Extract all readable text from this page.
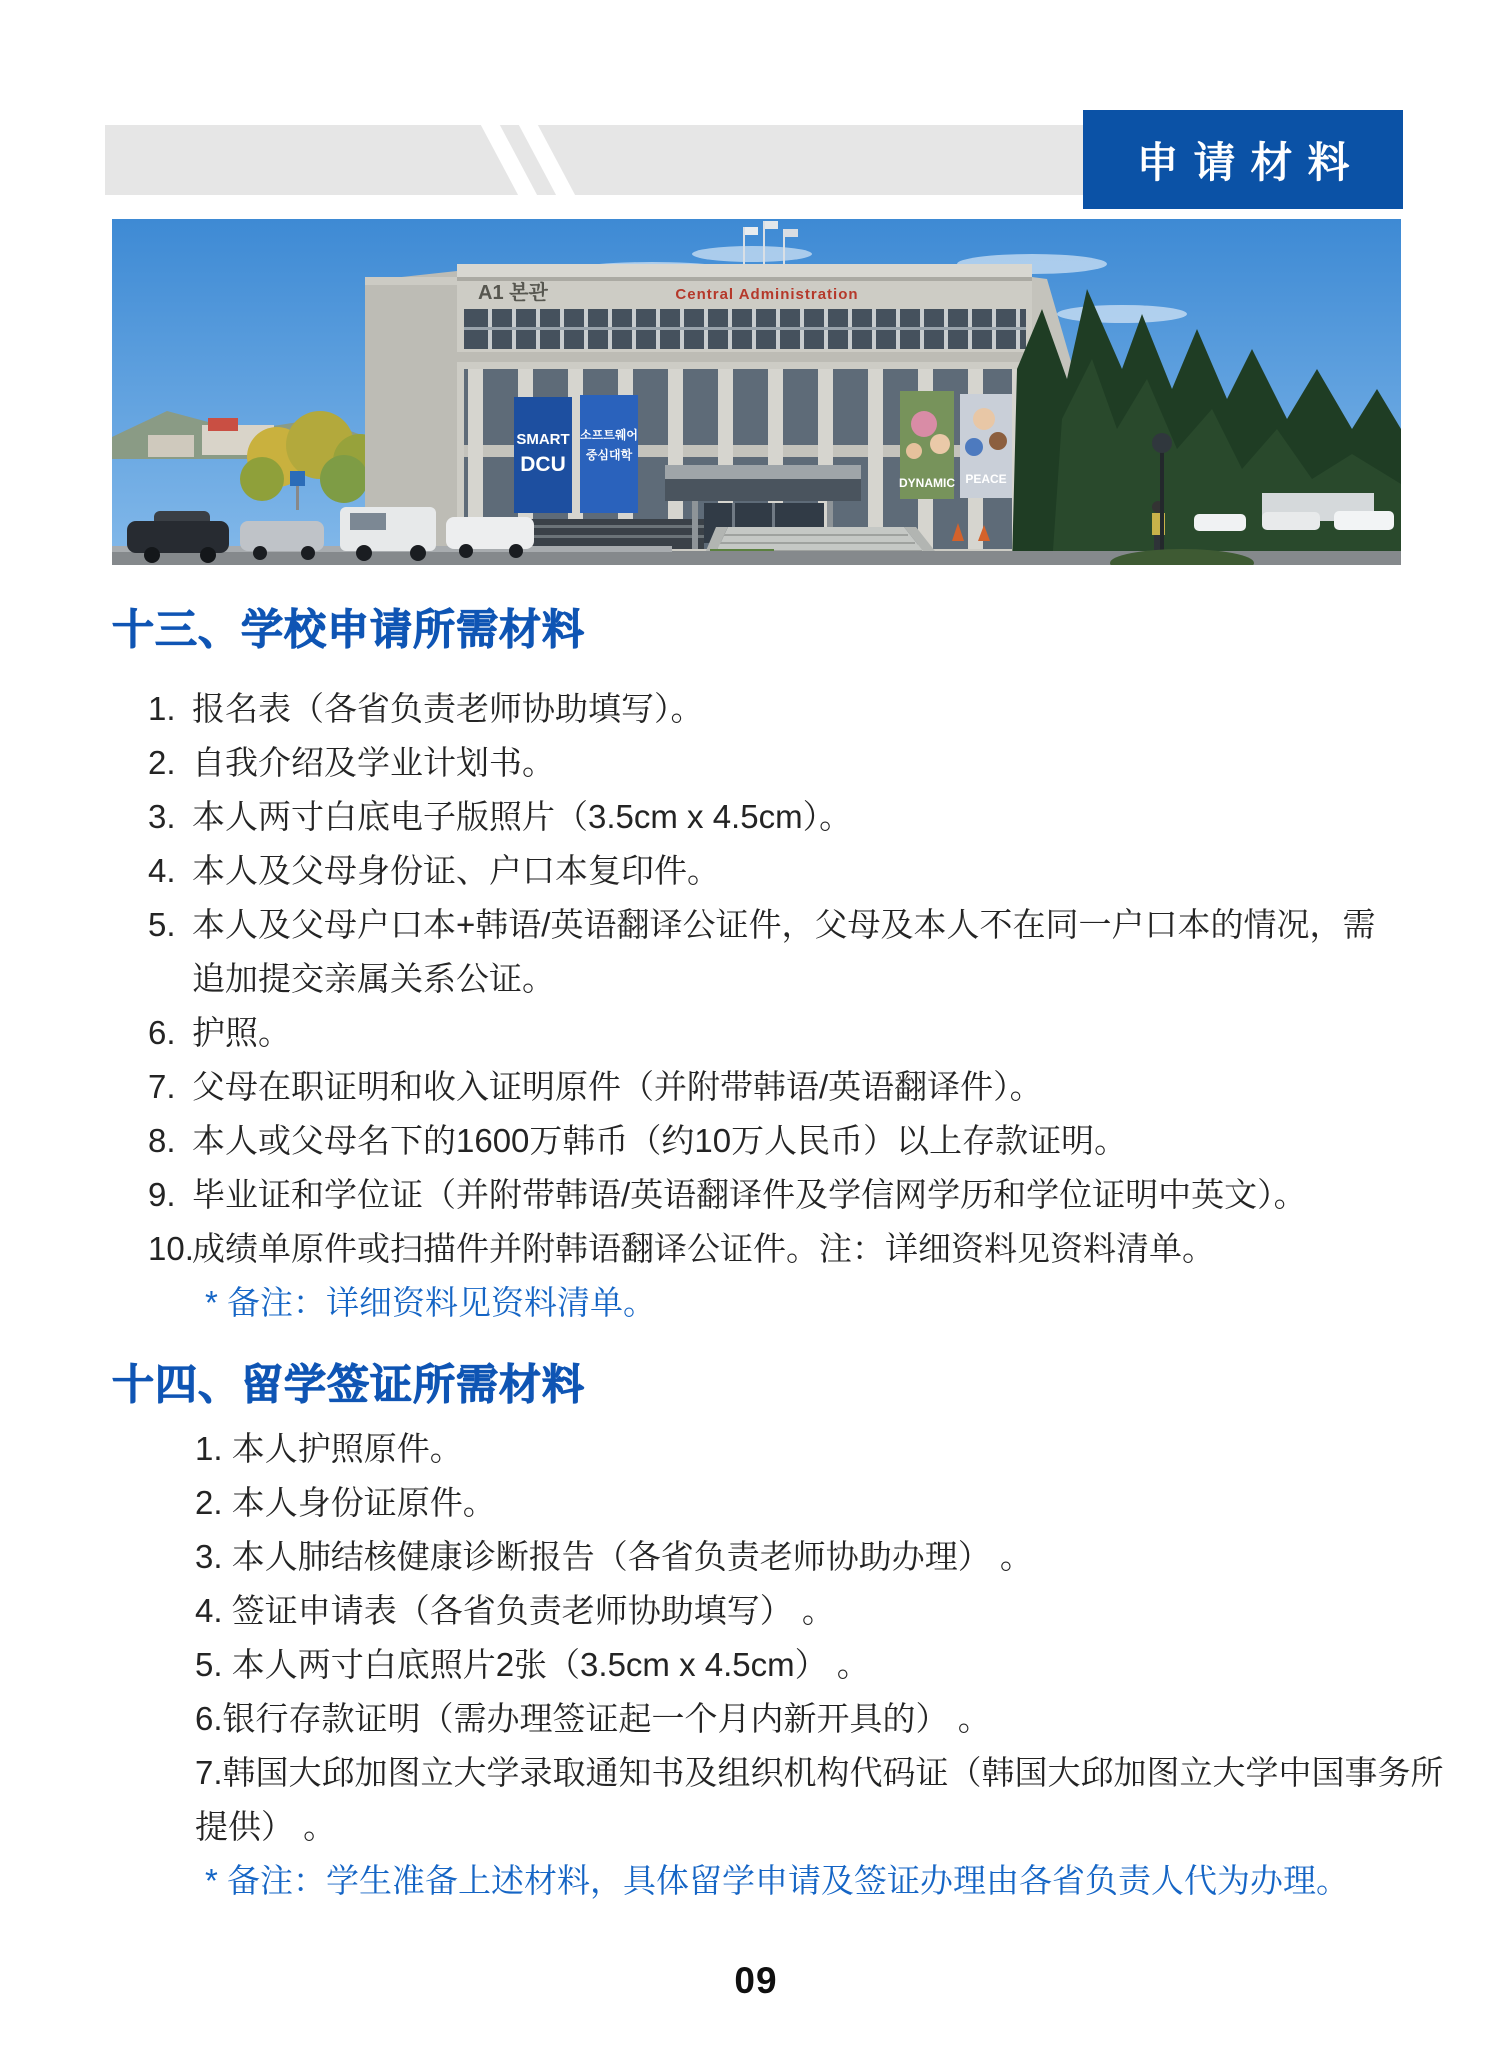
申请材料
A1 본관	Central Administration
SMART
DCU
소프트웨어
중심대학
DYNAMIC PEACE
十三、学校申请所需材料
1. 报名表（各省负责老师协助填写）。
2. 自我介绍及学业计划书。
3. 本人两寸白底电子版照片（3.5cm x 4.5cm）。
4. 本人及父母身份证、户口本复印件。
5. 本人及父母户口本+韩语/英语翻译公证件，父母及本人不在同一户口本的情况，需
追加提交亲属关系公证。
6. 护照。
7. 父母在职证明和收入证明原件（并附带韩语/英语翻译件）。
8. 本人或父母名下的1600万韩币（约10万人民币）以上存款证明。
9. 毕业证和学位证（并附带韩语/英语翻译件及学信网学历和学位证明中英文）。
10.
成绩单原件或扫描件并附韩语翻译公证件。注：详细资料见资料清单。
* 备注：详细资料见资料清单。
十四、留学签证所需材料
1. 本人护照原件。
2. 本人身份证原件。
3. 本人肺结核健康诊断报告（各省负责老师协助办理） 。
4. 签证申请表（各省负责老师协助填写） 。
5. 本人两寸白底照片2张（3.5cm x 4.5cm） 。
6.银行存款证明（需办理签证起一个月内新开具的） 。
7.韩国大邱加图立大学录取通知书及组织机构代码证（韩国大邱加图立大学中国事务所
提供） 。
* 备注：学生准备上述材料，具体留学申请及签证办理由各省负责人代为办理。
09
